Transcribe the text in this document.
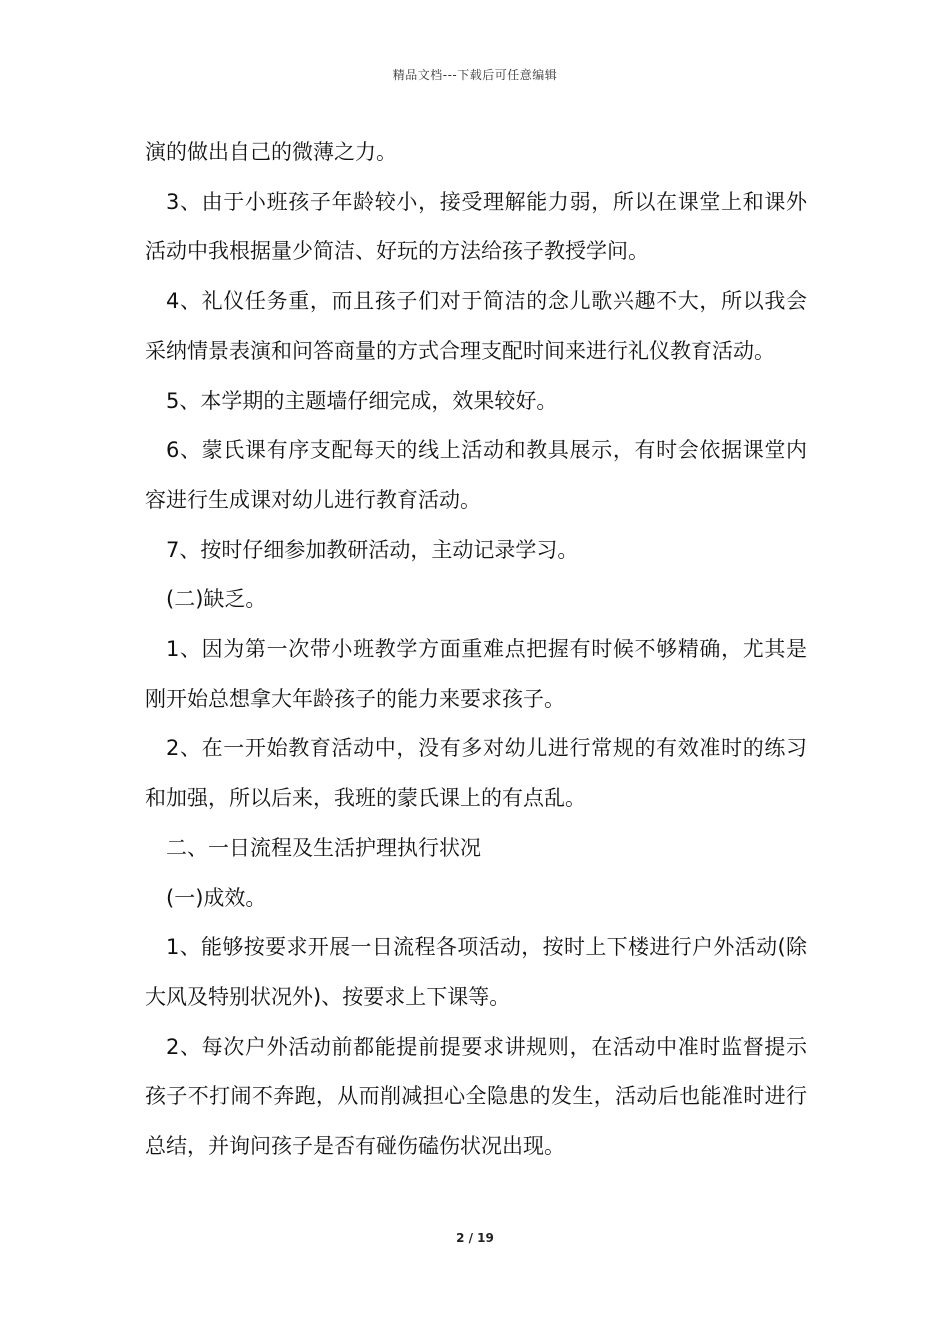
精品文档---下载后可任意编辑

演的做出自己的微薄之力。

3、由于小班孩子年龄较小，接受理解能力弱，所以在课堂上和课外活动中我根据量少简洁、好玩的方法给孩子教授学问。

4、礼仪任务重，而且孩子们对于简洁的念儿歌兴趣不大，所以我会采纳情景表演和问答商量的方式合理支配时间来进行礼仪教育活动。

5、本学期的主题墙仔细完成，效果较好。

6、蒙氏课有序支配每天的线上活动和教具展示，有时会依据课堂内容进行生成课对幼儿进行教育活动。

7、按时仔细参加教研活动，主动记录学习。

(二)缺乏。

1、因为第一次带小班教学方面重难点把握有时候不够精确，尤其是刚开始总想拿大年龄孩子的能力来要求孩子。

2、在一开始教育活动中，没有多对幼儿进行常规的有效准时的练习和加强，所以后来，我班的蒙氏课上的有点乱。

二、一日流程及生活护理执行状况

(一)成效。

1、能够按要求开展一日流程各项活动，按时上下楼进行户外活动(除大风及特别状况外)、按要求上下课等。

2、每次户外活动前都能提前提要求讲规则，在活动中准时监督提示孩子不打闹不奔跑，从而削减担心全隐患的发生，活动后也能准时进行总结，并询问孩子是否有碰伤磕伤状况出现。

2 / 19
